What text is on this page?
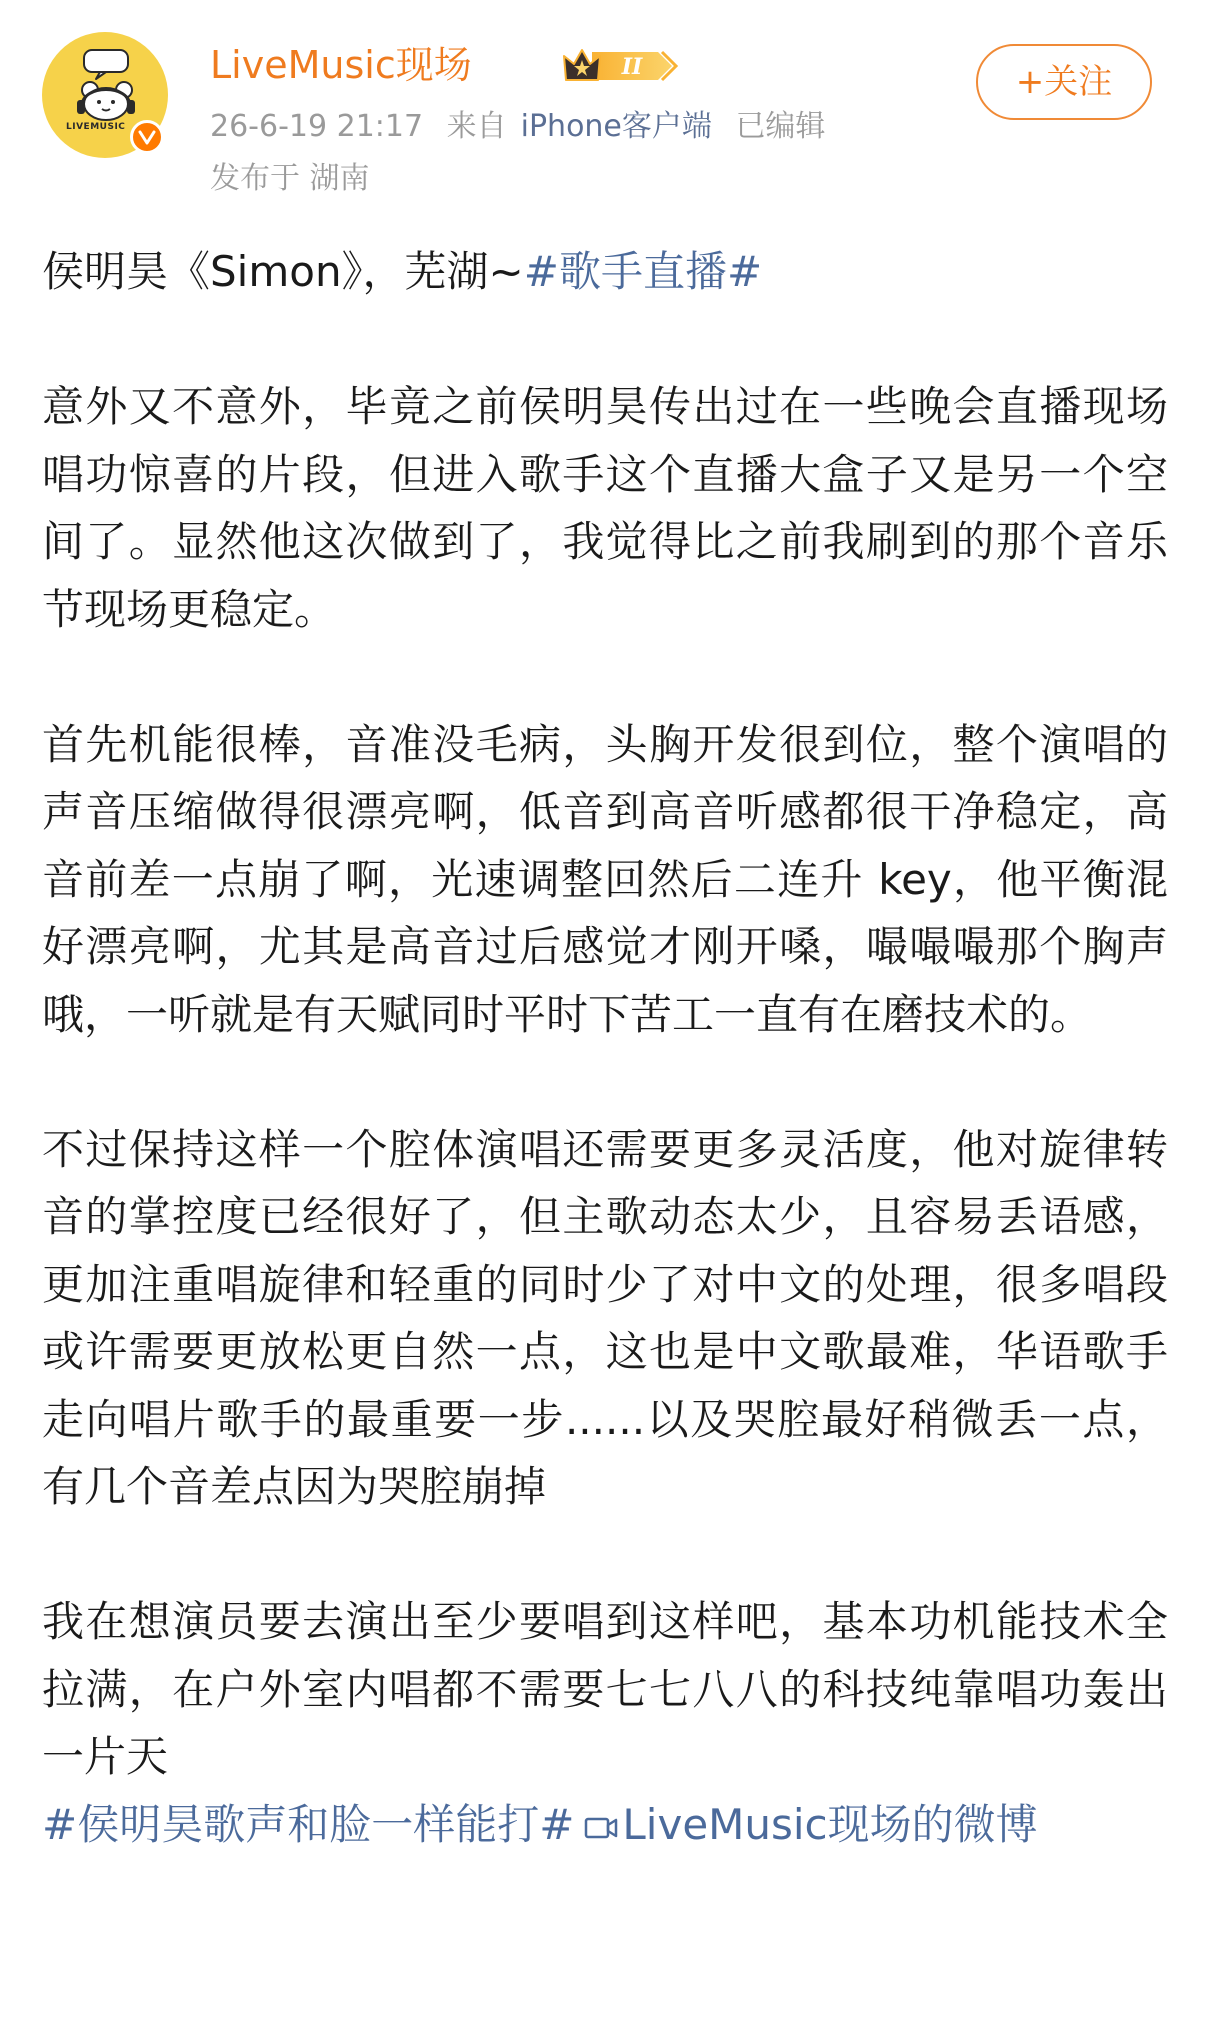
LIVEMUSIC
LiveMusic现场	II
26-6-19 21:17 来自 iPhone客户端 已编辑
发布于 湖南
+关注

侯明昊《Simon》，芜湖~#歌手直播#

意外又不意外，毕竟之前侯明昊传出过在一些晚会直播现场唱功惊喜的片段，但进入歌手这个直播大盒子又是另一个空间了。显然他这次做到了，我觉得比之前我刷到的那个音乐节现场更稳定。

首先机能很棒，音准没毛病，头胸开发很到位，整个演唱的声音压缩做得很漂亮啊，低音到高音听感都很干净稳定，高音前差一点崩了啊，光速调整回然后二连升 key，他平衡混好漂亮啊，尤其是高音过后感觉才刚开嗓，嘬嘬嘬那个胸声哦，一听就是有天赋同时平时下苦工一直有在磨技术的。

不过保持这样一个腔体演唱还需要更多灵活度，他对旋律转音的掌控度已经很好了，但主歌动态太少，且容易丢语感，更加注重唱旋律和轻重的同时少了对中文的处理，很多唱段或许需要更放松更自然一点，这也是中文歌最难，华语歌手走向唱片歌手的最重要一步......以及哭腔最好稍微丢一点，有几个音差点因为哭腔崩掉

我在想演员要去演出至少要唱到这样吧，基本功机能技术全拉满，在户外室内唱都不需要七七八八的科技纯靠唱功轰出一片天

#侯明昊歌声和脸一样能打# LiveMusic现场的微博
